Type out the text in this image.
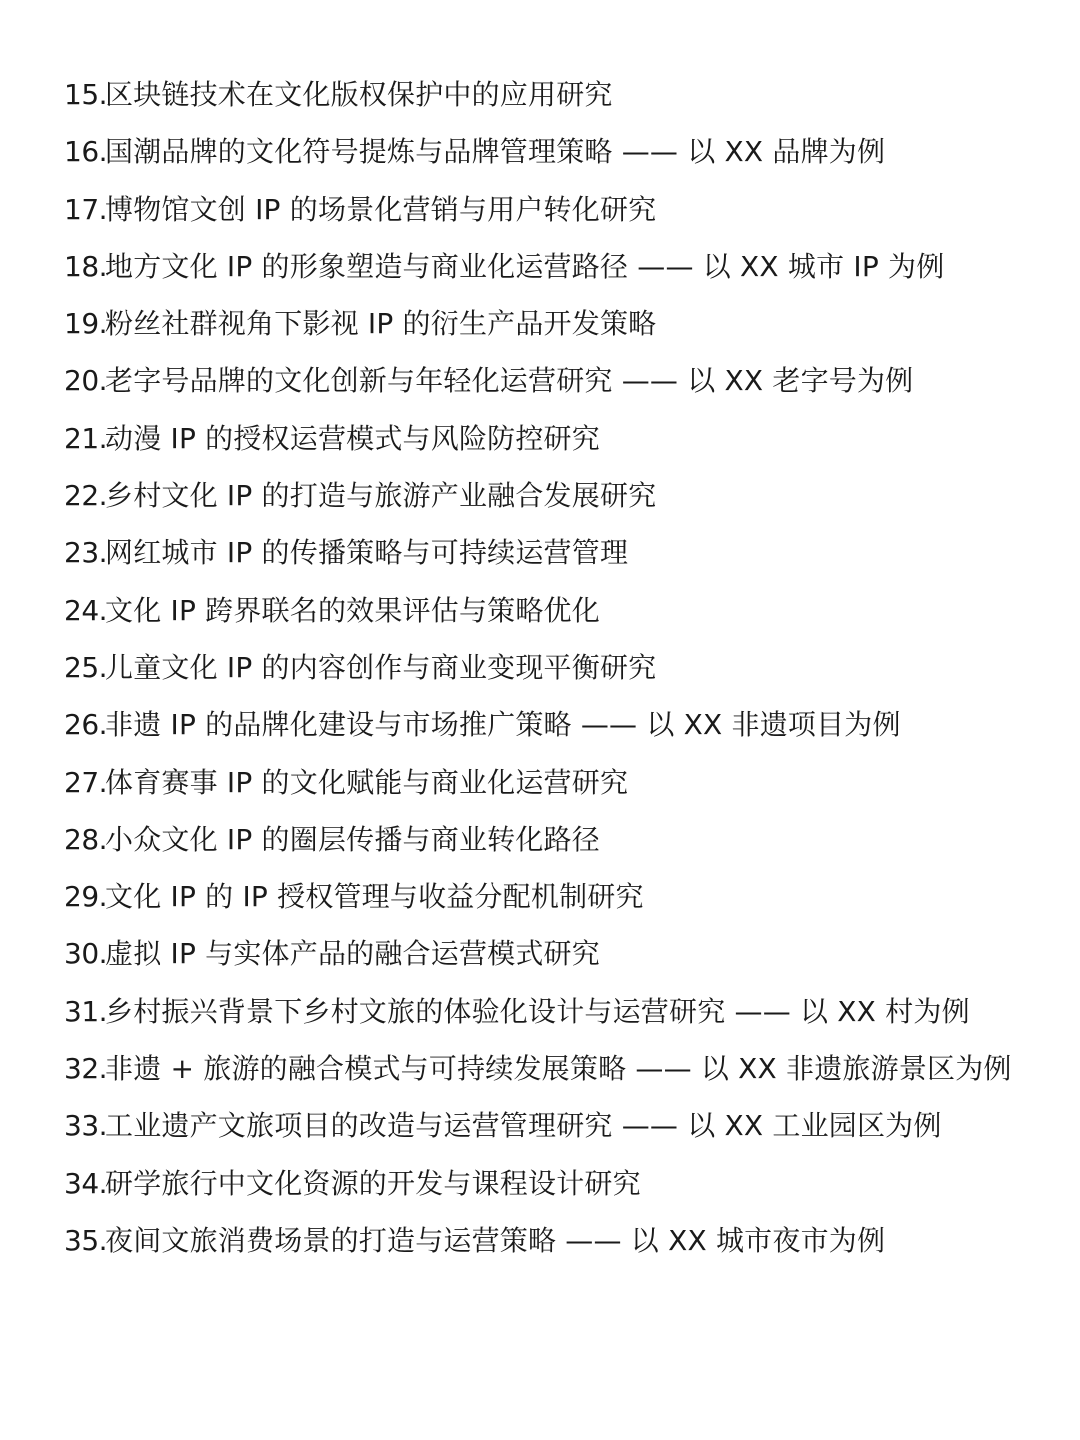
15.
区块链技术在文化版权保护中的应用研究
16.
国潮品牌的文化符号提炼与品牌管理策略 —— 以 XX 品牌为例
17.
博物馆文创 IP 的场景化营销与用户转化研究
18.
地方文化 IP 的形象塑造与商业化运营路径 —— 以 XX 城市 IP 为例
19.
粉丝社群视角下影视 IP 的衍生产品开发策略
20.
老字号品牌的文化创新与年轻化运营研究 —— 以 XX 老字号为例
21.
动漫 IP 的授权运营模式与风险防控研究
22.
乡村文化 IP 的打造与旅游产业融合发展研究
23.
网红城市 IP 的传播策略与可持续运营管理
24.
文化 IP 跨界联名的效果评估与策略优化
25.
儿童文化 IP 的内容创作与商业变现平衡研究
26.
非遗 IP 的品牌化建设与市场推广策略 —— 以 XX 非遗项目为例
27.
体育赛事 IP 的文化赋能与商业化运营研究
28.
小众文化 IP 的圈层传播与商业转化路径
29.
文化 IP 的 IP 授权管理与收益分配机制研究
30.
虚拟 IP 与实体产品的融合运营模式研究
31.
乡村振兴背景下乡村文旅的体验化设计与运营研究 —— 以 XX 村为例
32.
非遗 + 旅游的融合模式与可持续发展策略 —— 以 XX 非遗旅游景区为例
33.
工业遗产文旅项目的改造与运营管理研究 —— 以 XX 工业园区为例
34.
研学旅行中文化资源的开发与课程设计研究
35.
夜间文旅消费场景的打造与运营策略 —— 以 XX 城市夜市为例
